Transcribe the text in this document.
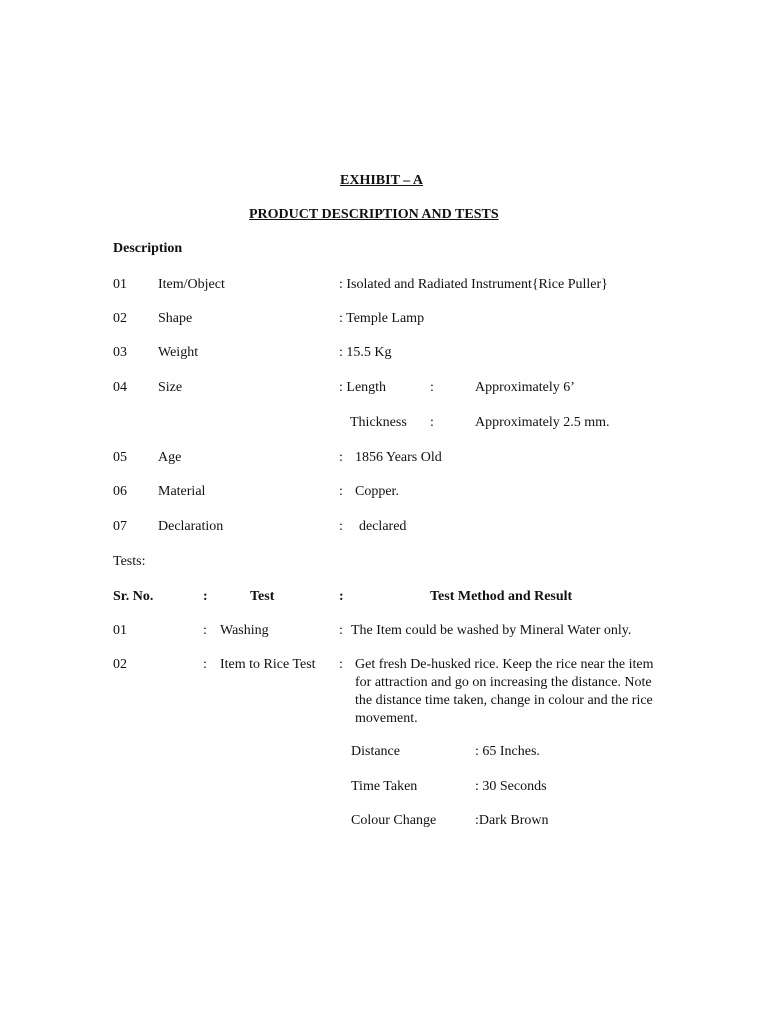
EXHIBIT – A
PRODUCT DESCRIPTION AND TESTS
Description
01 Item/Object	: Isolated and Radiated Instrument{Rice Puller}
02 Shape	: Temple Lamp
03 Weight	: 15.5 Kg
04 Size	: Length	:	Approximately 6’
Thickness :	Approximately 2.5 mm.
05 Age	: 1856 Years Old
06 Material	: Copper.
07 Declaration	: declared
Tests:
Sr. No.	:	Test	:	Test Method and Result
01	: Washing	: The Item could be washed by Mineral Water only.
02	: Item to Rice Test : Get fresh De-husked rice. Keep the rice near the item for attraction and go on increasing the distance. Note the distance time taken, change in colour and the rice movement.
Distance	: 65 Inches.
Time Taken	: 30 Seconds
Colour Change	:Dark Brown
